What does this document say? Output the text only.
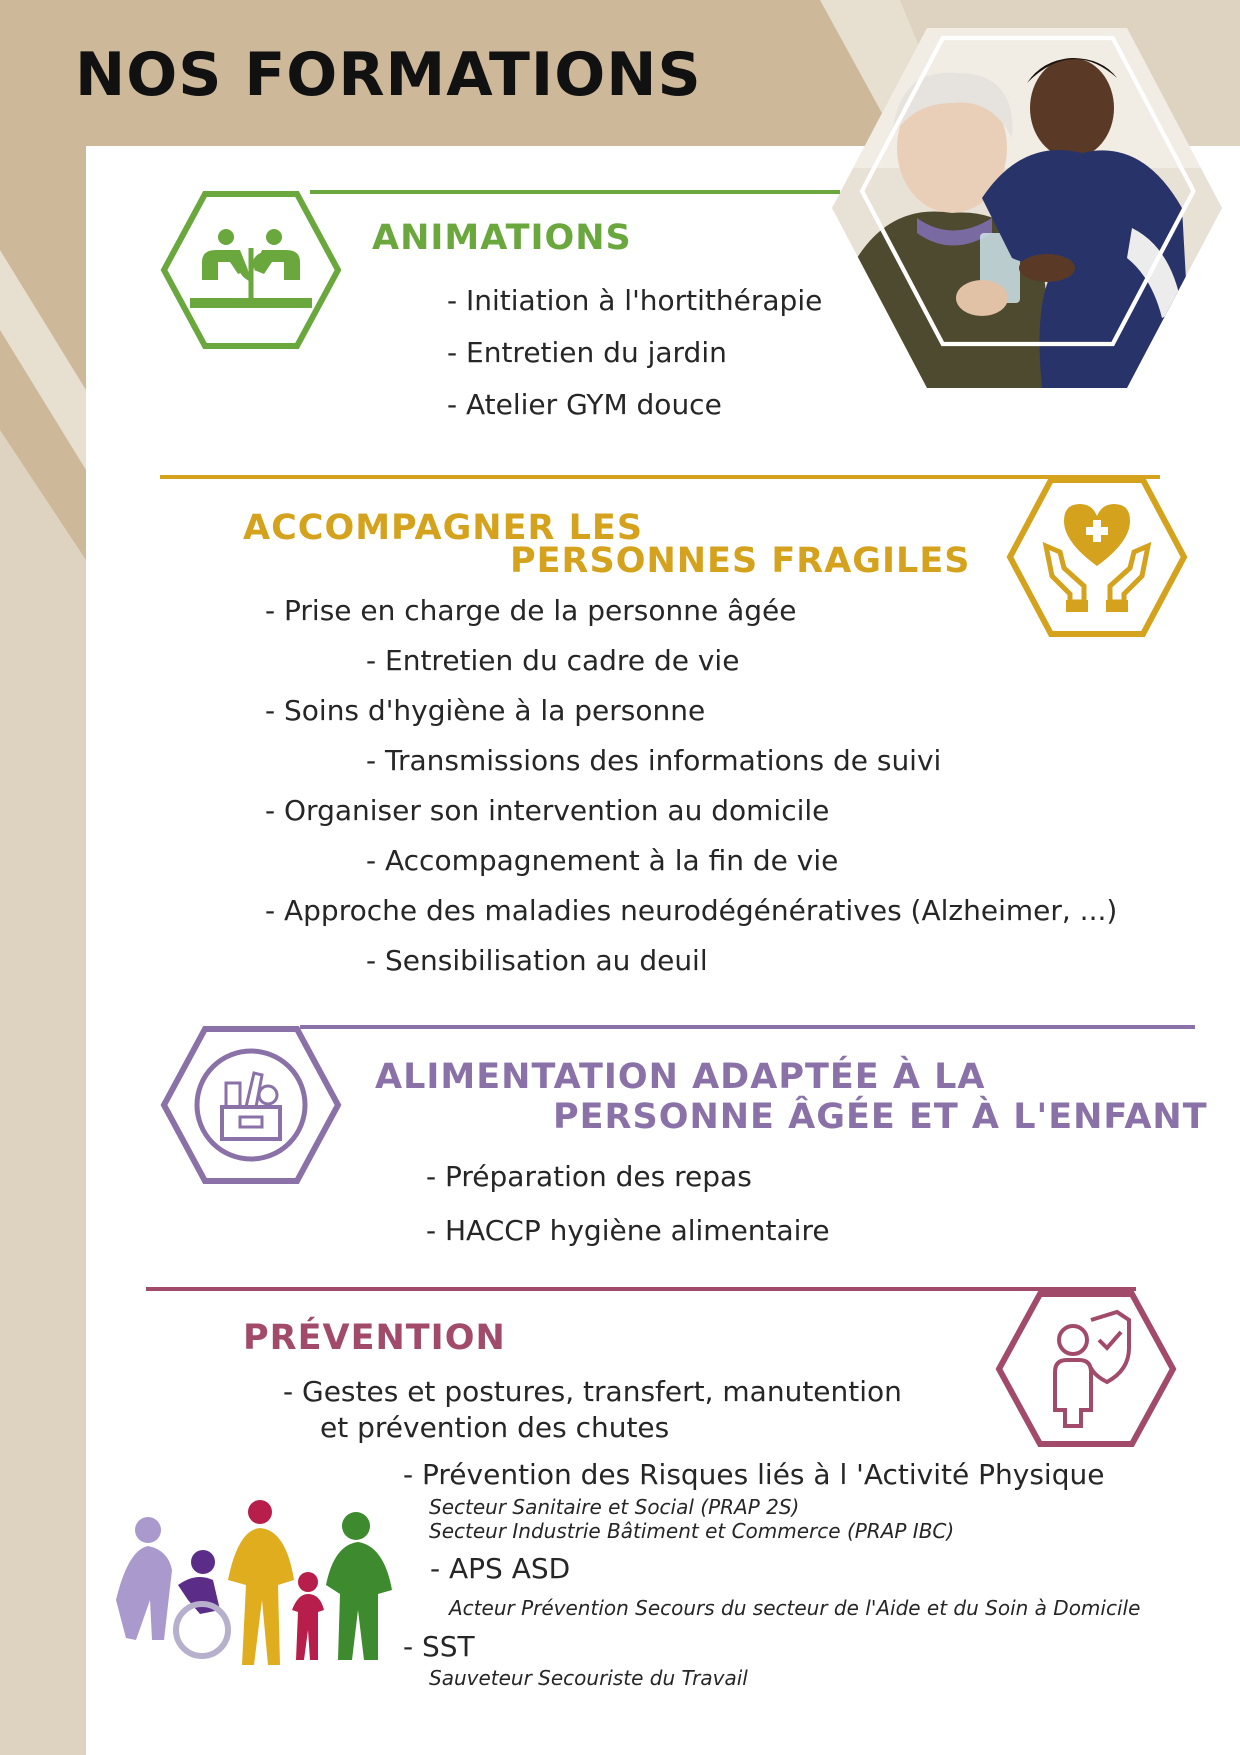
NOS FORMATIONS
ANIMATIONS

- Initiation à l'hortithérapie

- Entretien du jardin

- Atelier GYM douce

ACCOMPAGNER LES
PERSONNES FRAGILES

- Prise en charge de la personne âgée

- Entretien du cadre de vie

- Soins d'hygiène à la personne

- Transmissions des informations de suivi

- Organiser son intervention au domicile

- Accompagnement à la fin de vie

- Approche des maladies neurodégénératives (Alzheimer, ...)

- Sensibilisation au deuil

ALIMENTATION ADAPTÉE À LA
PERSONNE ÂGÉE ET À L'ENFANT

- Préparation des repas

- HACCP hygiène alimentaire

PRÉVENTION

- Gestes et postures, transfert, manutention

et prévention des chutes

- Prévention des Risques liés à l 'Activité Physique

Secteur Sanitaire et Social (PRAP 2S)

Secteur Industrie Bâtiment et Commerce (PRAP IBC)

- APS ASD

Acteur Prévention Secours du secteur de l'Aide et du Soin à Domicile

- SST

Sauveteur Secouriste du Travail
